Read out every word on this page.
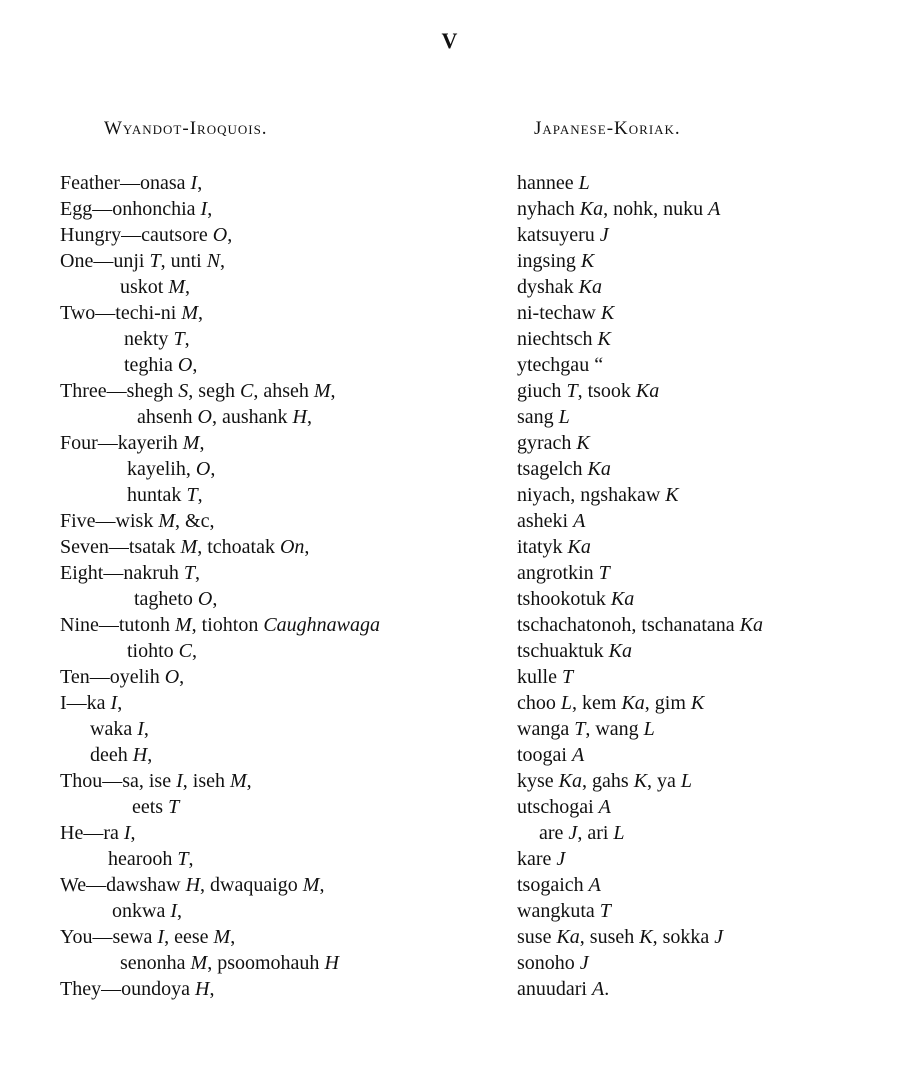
V
Wyandot-Iroquois.	Japanese-Koriak.
Feather—onasa I,
Egg—onhonchia I,
Hungry—cautsore O,
One—unji T, unti N,
uskot M,
Two—techi-ni M,
nekty T,
teghia O,
Three—shegh S, segh C, ahseh M,
ahsenh O, aushank H,
Four—kayerih M,
kayelih, O,
huntak T,
Five—wisk M, &c,
Seven—tsatak M, tchoatak On,
Eight—nakruh T,
tagheto O,
Nine—tutonh M, tiohton Caughnawaga
tiohto C,
Ten—oyelih O,
I—ka I,
waka I,
deeh H,
Thou—sa, ise I, iseh M,
eets T
He—ra I,
hearooh T,
We—dawshaw H, dwaquaigo M,
onkwa I,
You—sewa I, eese M,
senonha M, psoomohauh H
They—oundoya H,
hannee L
nyhach Ka, nohk, nuku A
katsuyeru J
ingsing K
dyshak Ka
ni-techaw K
niechtsch K
ytechgau “
giuch T, tsook Ka
sang L
gyrach K
tsagelch Ka
niyach, ngshakaw K
asheki A
itatyk Ka
angrotkin T
tshookotuk Ka
tschachatonoh, tschanatana Ka
tschuaktuk Ka
kulle T
choo L, kem Ka, gim K
wanga T, wang L
toogai A
kyse Ka, gahs K, ya L
utschogai A
are J, ari L
kare J
tsogaich A
wangkuta T
suse Ka, suseh K, sokka J
sonoho J
anuudari A.
